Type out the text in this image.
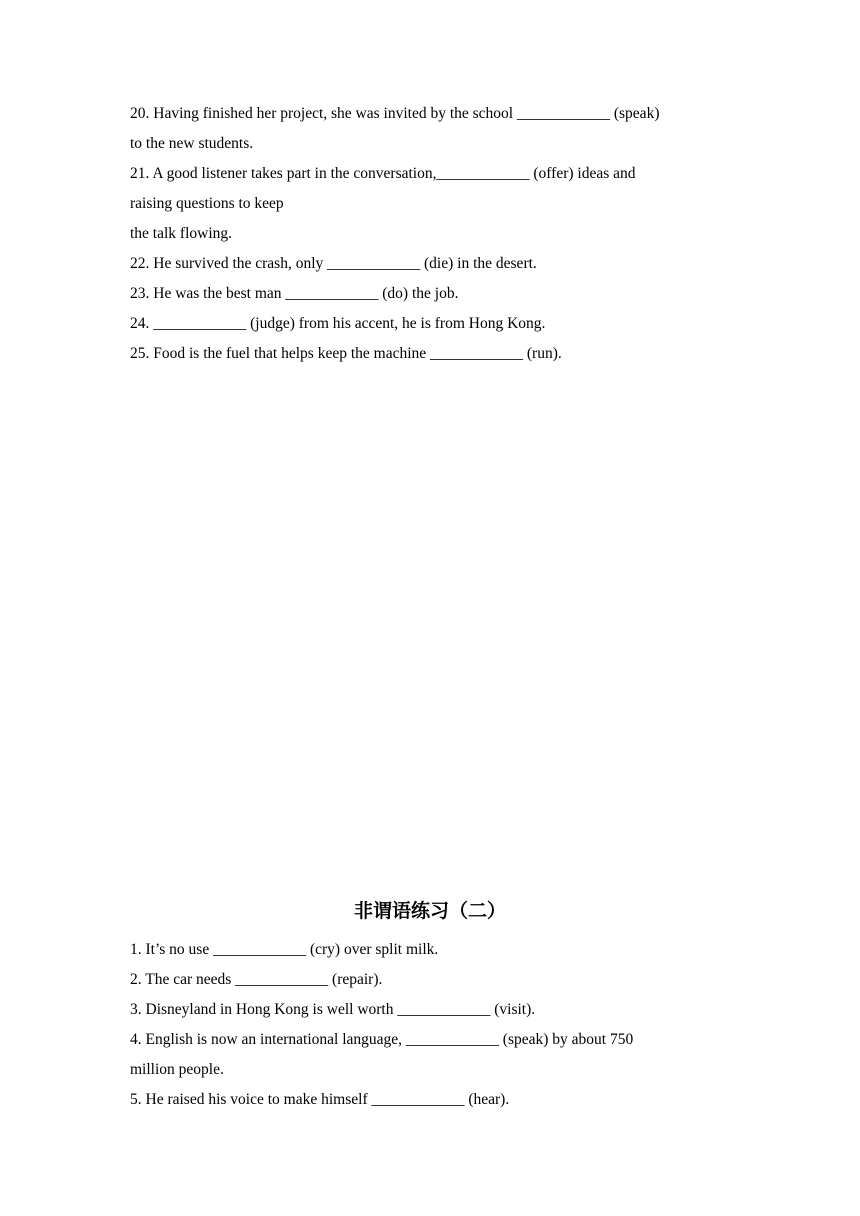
20. Having finished her project, she was invited by the school ____________ (speak)
to the new students.
21. A good listener takes part in the conversation,____________ (offer) ideas and
raising questions to keep
the talk flowing.
22. He survived the crash, only ____________ (die) in the desert.
23. He was the best man ____________ (do) the job.
24. ____________ (judge) from his accent, he is from Hong Kong.
25. Food is the fuel that helps keep the machine ____________ (run).
非谓语练习（二）
1. It’s no use ____________ (cry) over split milk.
2. The car needs ____________ (repair).
3. Disneyland in Hong Kong is well worth ____________ (visit).
4. English is now an international language, ____________ (speak) by about 750
million people.
5. He raised his voice to make himself ____________ (hear).
